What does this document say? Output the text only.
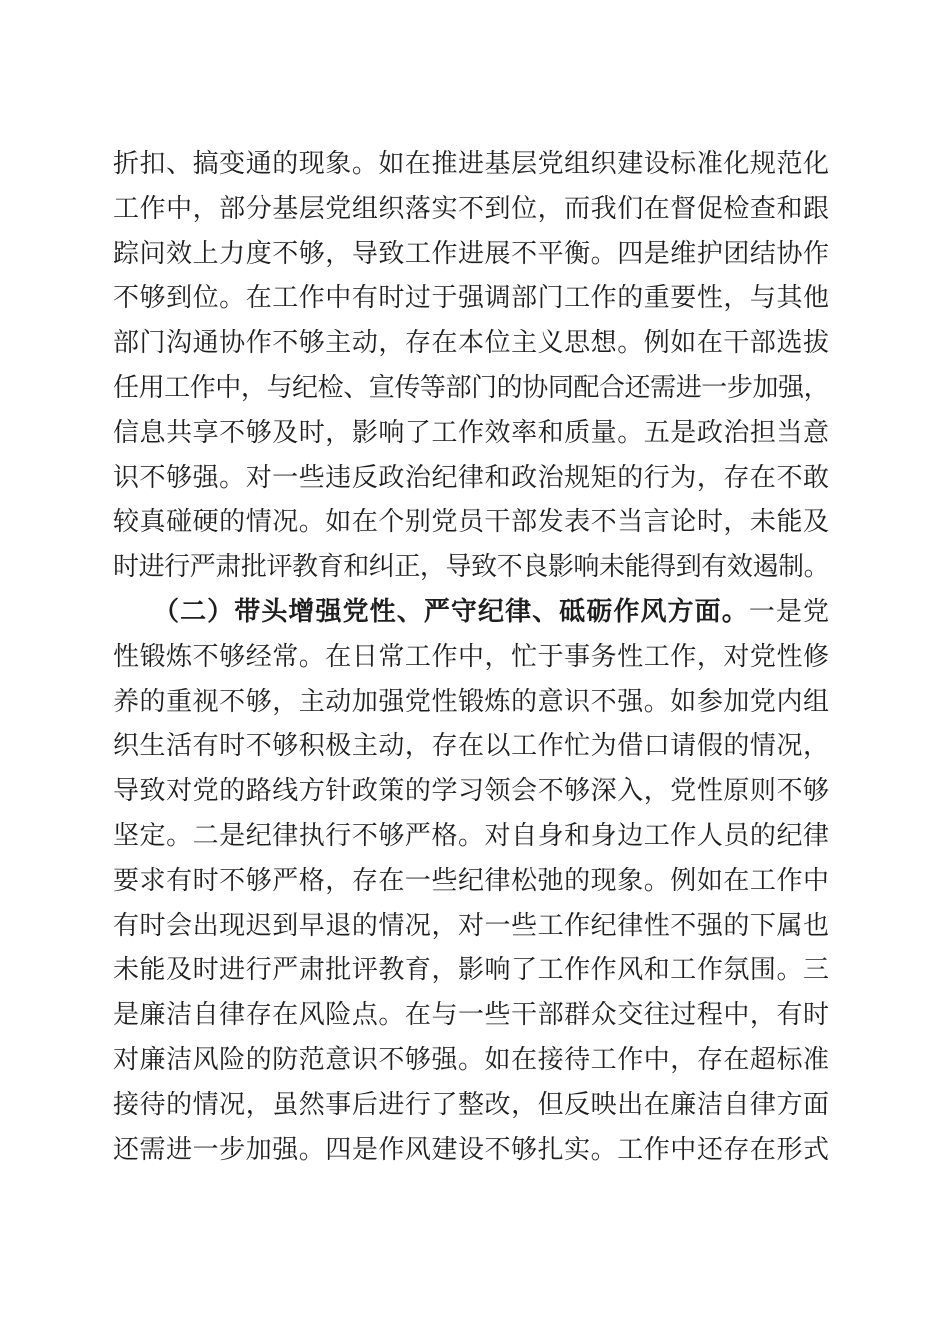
折扣、搞变通的现象。如在推进基层党组织建设标准化规范化
工作中，部分基层党组织落实不到位，而我们在督促检查和跟
踪问效上力度不够，导致工作进展不平衡。四是维护团结协作
不够到位。在工作中有时过于强调部门工作的重要性，与其他
部门沟通协作不够主动，存在本位主义思想。例如在干部选拔
任用工作中，与纪检、宣传等部门的协同配合还需进一步加强，
信息共享不够及时，影响了工作效率和质量。五是政治担当意
识不够强。对一些违反政治纪律和政治规矩的行为，存在不敢
较真碰硬的情况。如在个别党员干部发表不当言论时，未能及
时进行严肃批评教育和纠正，导致不良影响未能得到有效遏制。
（二）带头增强党性、严守纪律、砥砺作风方面。一是党
性锻炼不够经常。在日常工作中，忙于事务性工作，对党性修
养的重视不够，主动加强党性锻炼的意识不强。如参加党内组
织生活有时不够积极主动，存在以工作忙为借口请假的情况，
导致对党的路线方针政策的学习领会不够深入，党性原则不够
坚定。二是纪律执行不够严格。对自身和身边工作人员的纪律
要求有时不够严格，存在一些纪律松弛的现象。例如在工作中
有时会出现迟到早退的情况，对一些工作纪律性不强的下属也
未能及时进行严肃批评教育，影响了工作作风和工作氛围。三
是廉洁自律存在风险点。在与一些干部群众交往过程中，有时
对廉洁风险的防范意识不够强。如在接待工作中，存在超标准
接待的情况，虽然事后进行了整改，但反映出在廉洁自律方面
还需进一步加强。四是作风建设不够扎实。工作中还存在形式
